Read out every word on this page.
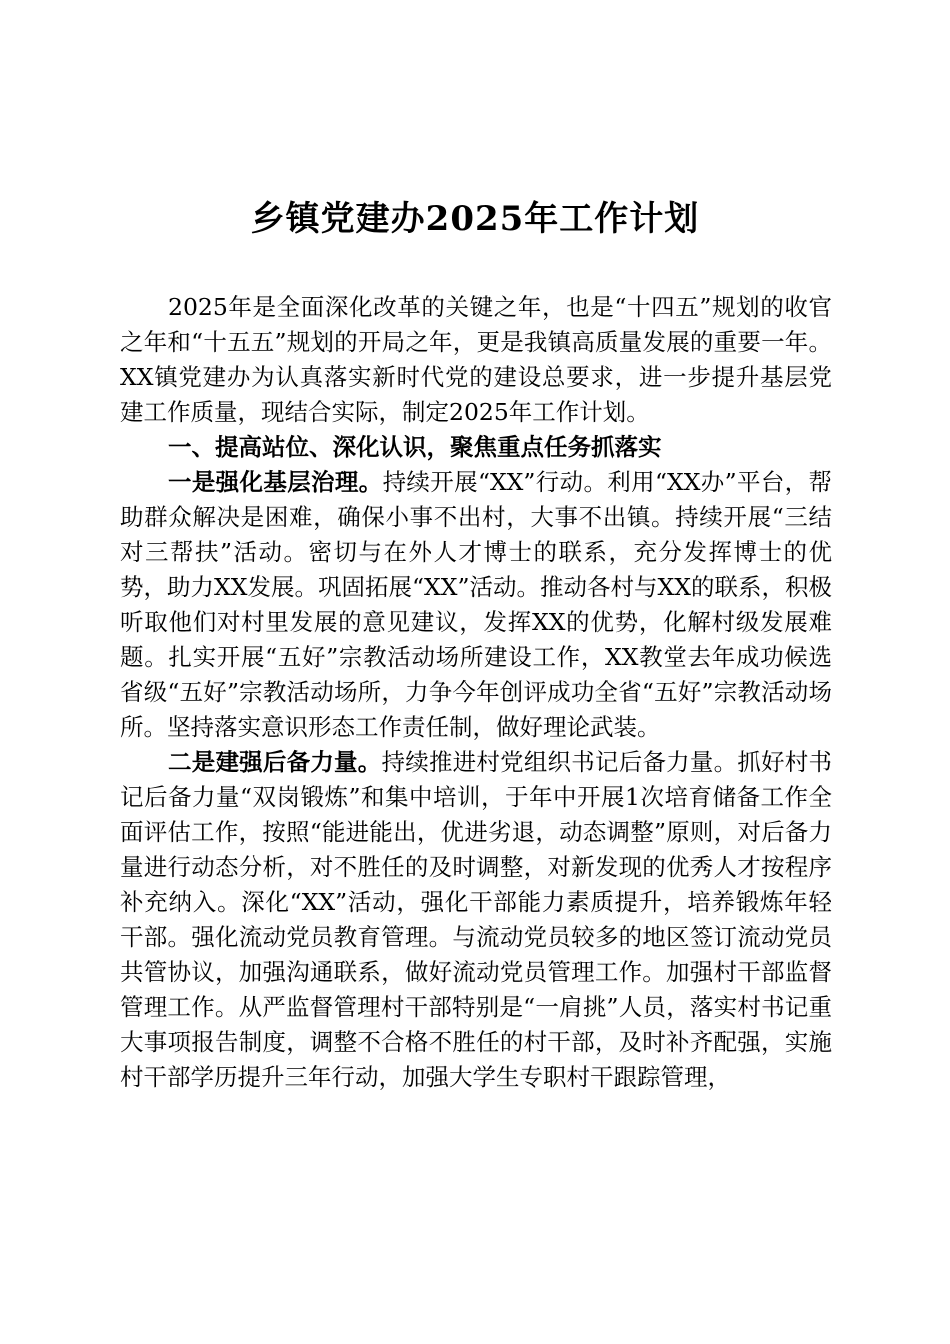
乡镇党建办2025年工作计划

2025年是全面深化改革的关键之年，也是“十四五”规划的收官之年和“十五五”规划的开局之年，更是我镇高质量发展的重要一年。XX镇党建办为认真落实新时代党的建设总要求，进一步提升基层党建工作质量，现结合实际，制定2025年工作计划。

一、提高站位、深化认识，聚焦重点任务抓落实

一是强化基层治理。持续开展“XX”行动。利用“XX办”平台，帮助群众解决是困难，确保小事不出村，大事不出镇。持续开展“三结对三帮扶”活动。密切与在外人才博士的联系，充分发挥博士的优势，助力XX发展。巩固拓展“XX”活动。推动各村与XX的联系，积极听取他们对村里发展的意见建议，发挥XX的优势，化解村级发展难题。扎实开展“五好”宗教活动场所建设工作，XX教堂去年成功候选省级“五好”宗教活动场所，力争今年创评成功全省“五好”宗教活动场所。坚持落实意识形态工作责任制，做好理论武装。

二是建强后备力量。持续推进村党组织书记后备力量。抓好村书记后备力量“双岗锻炼”和集中培训，于年中开展1次培育储备工作全面评估工作，按照“能进能出，优进劣退，动态调整”原则，对后备力量进行动态分析，对不胜任的及时调整，对新发现的优秀人才按程序补充纳入。深化“XX”活动，强化干部能力素质提升，培养锻炼年轻干部。强化流动党员教育管理。与流动党员较多的地区签订流动党员共管协议，加强沟通联系，做好流动党员管理工作。加强村干部监督管理工作。从严监督管理村干部特别是“一肩挑”人员，落实村书记重大事项报告制度，调整不合格不胜任的村干部，及时补齐配强，实施村干部学历提升三年行动，加强大学生专职村干跟踪管理，
